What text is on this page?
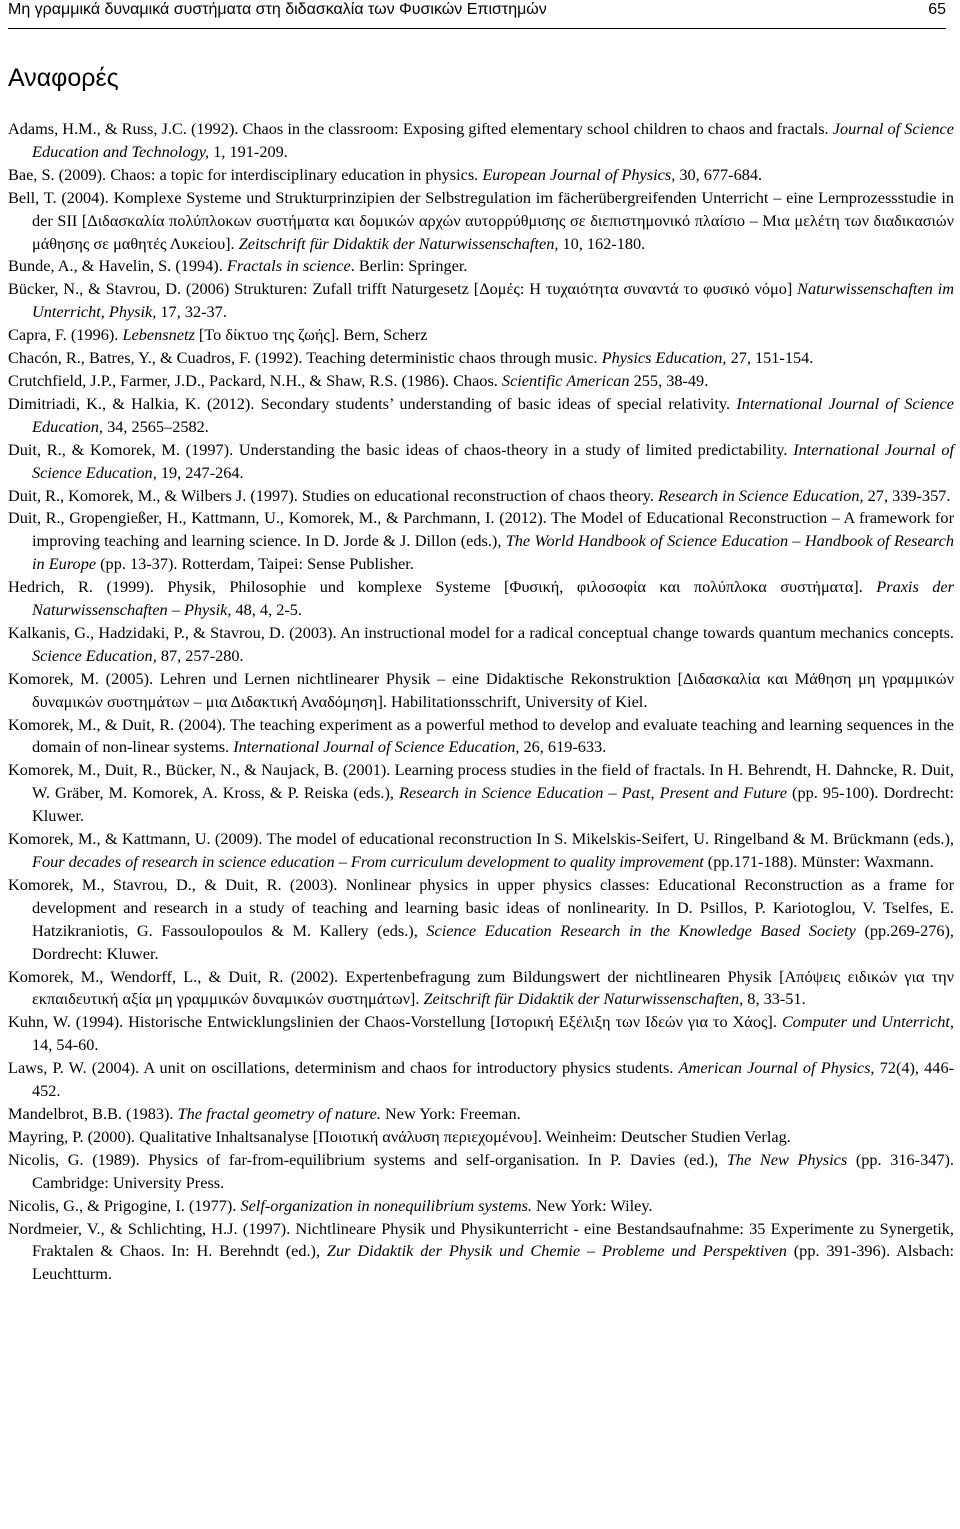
Μη γραμμικά δυναμικά συστήματα στη διδασκαλία των Φυσικών Επιστημών	65
Αναφορές
Adams, H.M., & Russ, J.C. (1992). Chaos in the classroom: Exposing gifted elementary school children to chaos and fractals. Journal of Science Education and Technology, 1, 191-209.
Bae, S. (2009). Chaos: a topic for interdisciplinary education in physics. European Journal of Physics, 30, 677-684.
Bell, T. (2004). Komplexe Systeme und Strukturprinzipien der Selbstregulation im fächerübergreifenden Unterricht – eine Lernprozessstudie in der SII [Διδασκαλία πολύπλοκων συστήματα και δομικών αρχών αυτορρύθμισης σε διεπιστημονικό πλαίσιο – Μια μελέτη των διαδικασιών μάθησης σε μαθητές Λυκείου]. Zeitschrift für Didaktik der Naturwissenschaften, 10, 162-180.
Bunde, A., & Havelin, S. (1994). Fractals in science. Berlin: Springer.
Bücker, N., & Stavrou, D. (2006) Strukturen: Zufall trifft Naturgesetz [Δομές: Η τυχαιότητα συναντά το φυσικό νόμο] Naturwissenschaften im Unterricht, Physik, 17, 32-37.
Capra, F. (1996). Lebensnetz [Το δίκτυο της ζωής]. Bern, Scherz
Chacón, R., Batres, Y., & Cuadros, F. (1992). Teaching deterministic chaos through music. Physics Education, 27, 151-154.
Crutchfield, J.P., Farmer, J.D., Packard, N.H., & Shaw, R.S. (1986). Chaos. Scientific American 255, 38-49.
Dimitriadi, K., & Halkia, K. (2012). Secondary students’ understanding of basic ideas of special relativity. International Journal of Science Education, 34, 2565–2582.
Duit, R., & Komorek, M. (1997). Understanding the basic ideas of chaos-theory in a study of limited predictability. International Journal of Science Education, 19, 247-264.
Duit, R., Komorek, M., & Wilbers J. (1997). Studies on educational reconstruction of chaos theory. Research in Science Education, 27, 339-357.
Duit, R., Gropengießer, H., Kattmann, U., Komorek, M., & Parchmann, I. (2012). The Model of Educational Reconstruction – A framework for improving teaching and learning science. In D. Jorde & J. Dillon (eds.), The World Handbook of Science Education – Handbook of Research in Europe (pp. 13-37). Rotterdam, Taipei: Sense Publisher.
Hedrich, R. (1999). Physik, Philosophie und komplexe Systeme [Φυσική, φιλοσοφία και πολύπλοκα συστήματα]. Praxis der Naturwissenschaften – Physik, 48, 4, 2-5.
Kalkanis, G., Hadzidaki, P., & Stavrou, D. (2003). An instructional model for a radical conceptual change towards quantum mechanics concepts. Science Education, 87, 257-280.
Komorek, M. (2005). Lehren und Lernen nichtlinearer Physik – eine Didaktische Rekonstruktion [Διδασκαλία και Μάθηση μη γραμμικών δυναμικών συστημάτων – μια Διδακτική Αναδόμηση]. Habilitationsschrift, University of Kiel.
Komorek, M., & Duit, R. (2004). The teaching experiment as a powerful method to develop and evaluate teaching and learning sequences in the domain of non-linear systems. International Journal of Science Education, 26, 619-633.
Komorek, M., Duit, R., Bücker, N., & Naujack, B. (2001). Learning process studies in the field of fractals. In H. Behrendt, H. Dahncke, R. Duit, W. Gräber, M. Komorek, A. Kross, & P. Reiska (eds.), Research in Science Education – Past, Present and Future (pp. 95-100). Dordrecht: Kluwer.
Komorek, M., & Kattmann, U. (2009). The model of educational reconstruction In S. Mikelskis-Seifert, U. Ringelband & M. Brückmann (eds.), Four decades of research in science education – From curriculum development to quality improvement (pp.171-188). Münster: Waxmann.
Komorek, M., Stavrou, D., & Duit, R. (2003). Nonlinear physics in upper physics classes: Educational Reconstruction as a frame for development and research in a study of teaching and learning basic ideas of nonlinearity. In D. Psillos, P. Kariotoglou, V. Tselfes, E. Hatzikraniotis, G. Fassoulopoulos & M. Kallery (eds.), Science Education Research in the Knowledge Based Society (pp.269-276), Dordrecht: Kluwer.
Komorek, M., Wendorff, L., & Duit, R. (2002). Expertenbefragung zum Bildungswert der nichtlinearen Physik [Απόψεις ειδικών για την εκπαιδευτική αξία μη γραμμικών δυναμικών συστημάτων]. Zeitschrift für Didaktik der Naturwissenschaften, 8, 33-51.
Kuhn, W. (1994). Historische Entwicklungslinien der Chaos-Vorstellung [Ιστορική Εξέλιξη των Ιδεών για το Χάος]. Computer und Unterricht, 14, 54-60.
Laws, P. W. (2004). A unit on oscillations, determinism and chaos for introductory physics students. American Journal of Physics, 72(4), 446-452.
Mandelbrot, B.B. (1983). The fractal geometry of nature. New York: Freeman.
Mayring, P. (2000). Qualitative Inhaltsanalyse [Ποιοτική ανάλυση περιεχομένου]. Weinheim: Deutscher Studien Verlag.
Nicolis, G. (1989). Physics of far-from-equilibrium systems and self-organisation. In P. Davies (ed.), The New Physics (pp. 316-347). Cambridge: University Press.
Nicolis, G., & Prigogine, I. (1977). Self-organization in nonequilibrium systems. New York: Wiley.
Nordmeier, V., & Schlichting, H.J. (1997). Nichtlineare Physik und Physikunterricht - eine Bestandsaufnahme: 35 Experimente zu Synergetik, Fraktalen & Chaos. In: H. Berehndt (ed.), Zur Didaktik der Physik und Chemie – Probleme und Perspektiven (pp. 391-396). Alsbach: Leuchtturm.
